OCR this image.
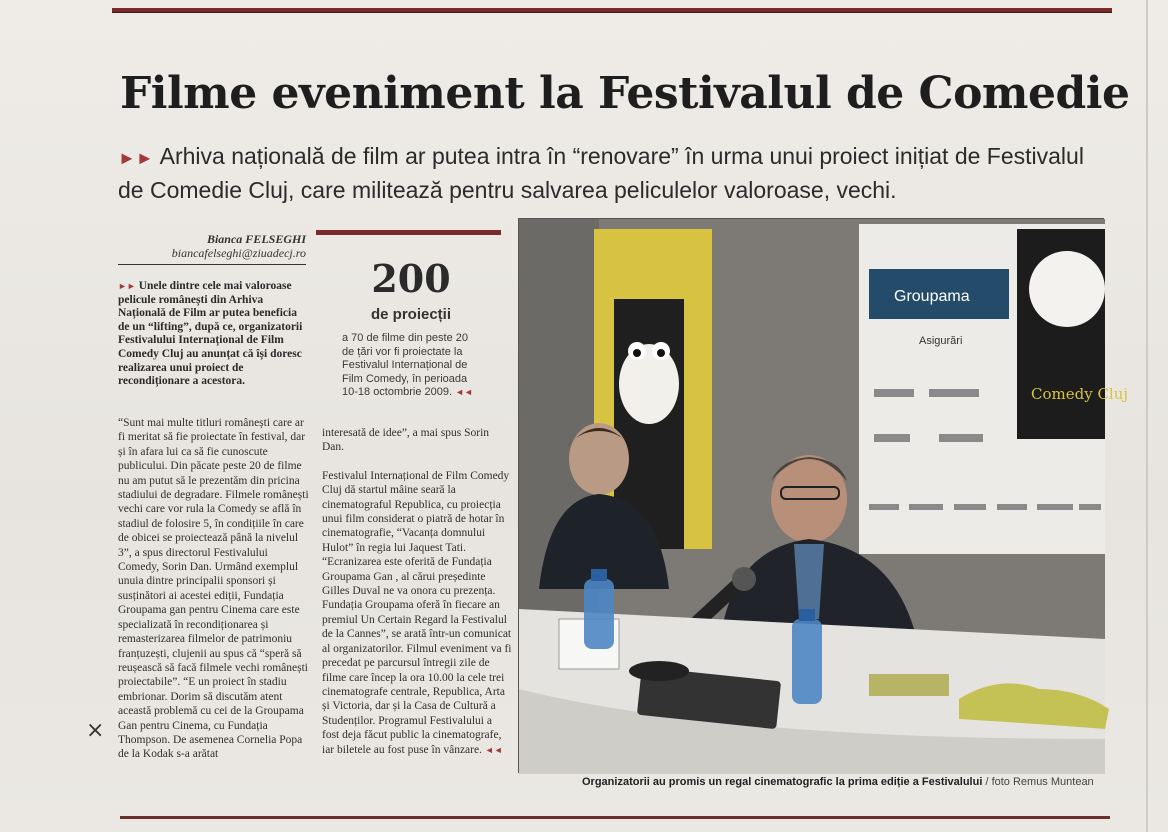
Filme eveniment la Festivalul de Comedie
►► Arhiva națională de film ar putea intra în “renovare” în urma unui proiect inițiat de Festivalul de Comedie Cluj, care militează pentru salvarea peliculelor valoroase, vechi.
Bianca FELSEGHI
biancafelseghi@ziuadecj.ro
►► Unele dintre cele mai valoroase pelicule românești din Arhiva Națională de Film ar putea beneficia de un “lifting”, după ce, organizatorii Festivalului Internațional de Film Comedy Cluj au anunțat că își doresc realizarea unui proiect de recondiționare a acestora.

“Sunt mai multe titluri românești care ar fi meritat să fie proiectate în festival, dar și în afara lui ca să fie cunoscute publicului. Din păcate peste 20 de filme nu am putut să le prezentăm din pricina stadiului de degradare. Filmele românești vechi care vor rula la Comedy se află în stadiul de folosire 5, în condițiile în care de obicei se proiectează până la nivelul 3”, a spus directorul Festivalului Comedy, Sorin Dan. Urmând exemplul unuia dintre principalii sponsori și susținători ai acestei ediții, Fundația Groupama gan pentru Cinema care este specializată în recondiționarea și remasterizarea filmelor de patrimoniu franțuzești, clujenii au spus că “speră să reușească să facă filmele vechi românești proiectabile”. “E un proiect în stadiu embrionar. Dorim să discutăm atent această problemă cu cei de la Groupama Gan pentru Cinema, cu Fundația Thompson. De asemenea Cornelia Popa de la Kodak s-a arătat

200
de proiecții
a 70 de filme din peste 20 de țări vor fi proiectate la Festivalul Internațional de Film Comedy, în perioada 10-18 octombrie 2009. ◄◄

interesată de idee”, a mai spus Sorin Dan.

Festivalul Internațional de Film Comedy Cluj dă startul mâine seară la cinematograful Republica, cu proiecția unui film considerat o piatră de hotar în cinematografie, “Vacanța domnului Hulot” în regia lui Jaquest Tati. “Ecranizarea este oferită de Fundația Groupama Gan , al cărui președinte Gilles Duval ne va onora cu prezența. Fundația Groupama oferă în fiecare an premiul Un Certain Regard la Festivalul de la Cannes”, se arată într-un comunicat al organizatorilor. Filmul eveniment va fi precedat pe parcursul întregii zile de filme care încep la ora 10.00 la cele trei cinematografe centrale, Republica, Arta și Victoria, dar și la Casa de Cultură a Studenților. Programul Festivalului a fost deja făcut public la cinematografe, iar biletele au fost puse în vânzare. ◄◄

Groupama
Asigurări
Comedy Cluj
Organizatorii au promis un regal cinematografic la prima ediție a Festivalului / foto Remus Muntean
⨯
